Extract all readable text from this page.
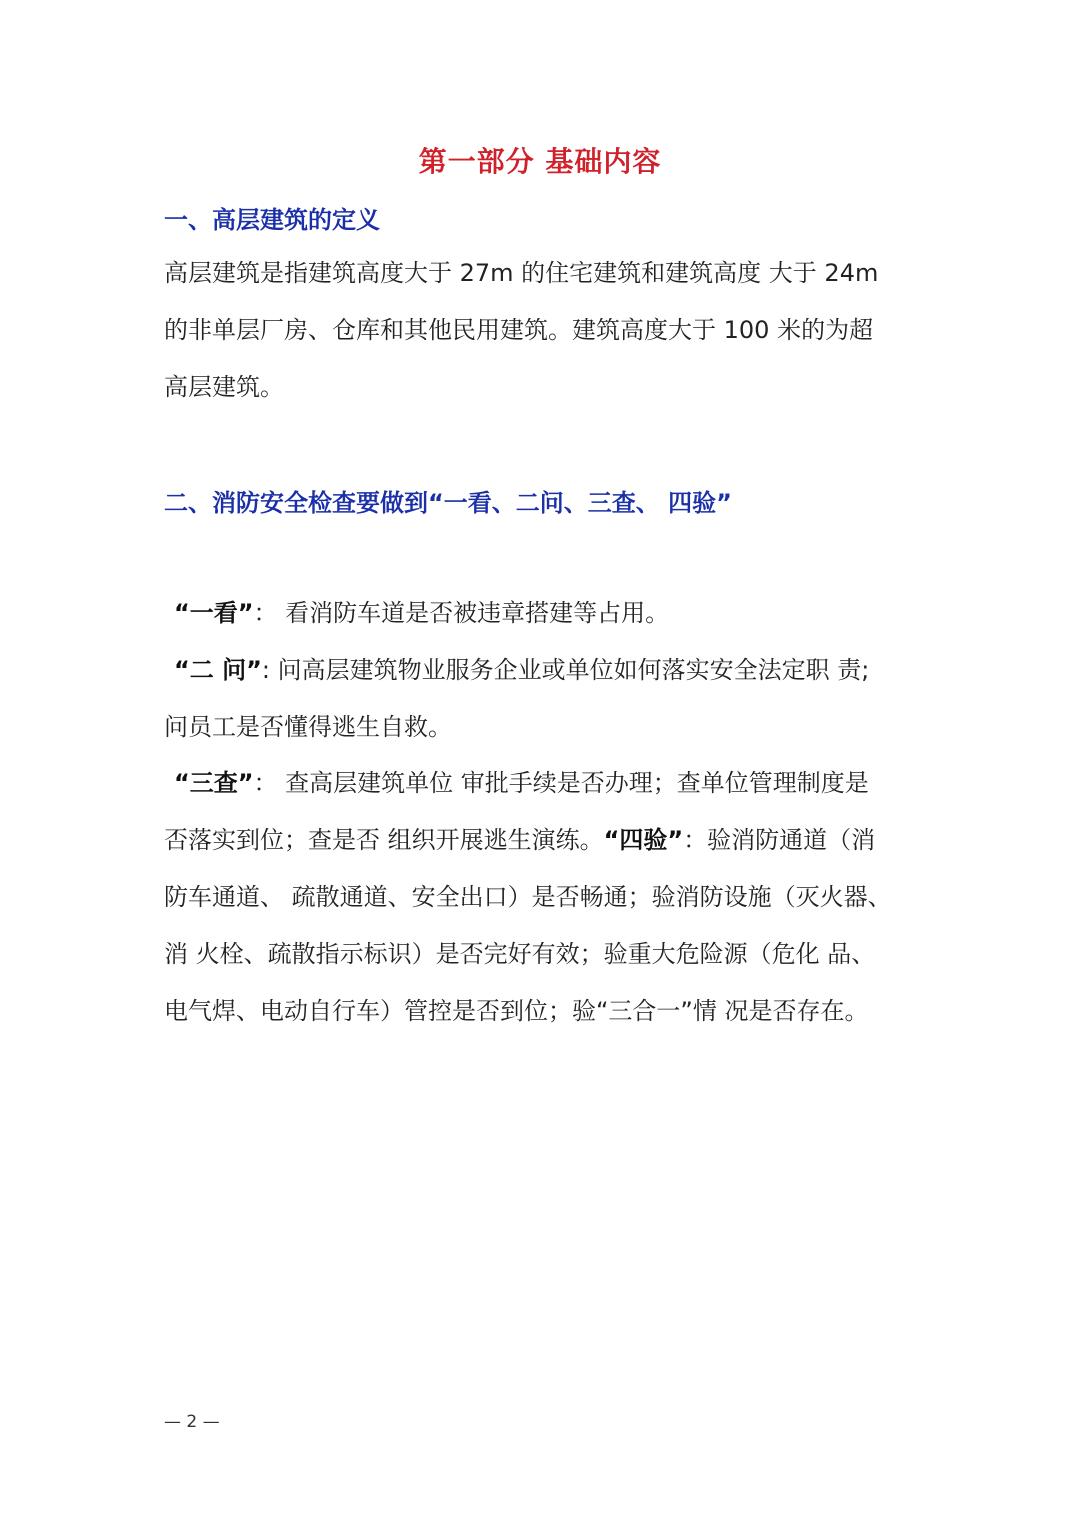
第一部分 基础内容
一、高层建筑的定义
高层建筑是指建筑高度大于 27m 的住宅建筑和建筑高度 大于 24m
的非单层厂房、仓库和其他民用建筑。建筑高度大于 100 米的为超
高层建筑。
二、消防安全检查要做到“一看、二问、三查、 四验”
“一看”： 看消防车道是否被违章搭建等占用。
“二 问”: 问高层建筑物业服务企业或单位如何落实安全法定职 责;
问员工是否懂得逃生自救。
“三查”： 查高层建筑单位 审批手续是否办理；查单位管理制度是
否落实到位；查是否 组织开展逃生演练。“四验”：验消防通道（消
防车通道、 疏散通道、安全出口）是否畅通；验消防设施（灭火器、
消 火栓、疏散指示标识）是否完好有效；验重大危险源（危化 品、
电气焊、电动自行车）管控是否到位；验“三合一”情 况是否存在。
— 2 —
